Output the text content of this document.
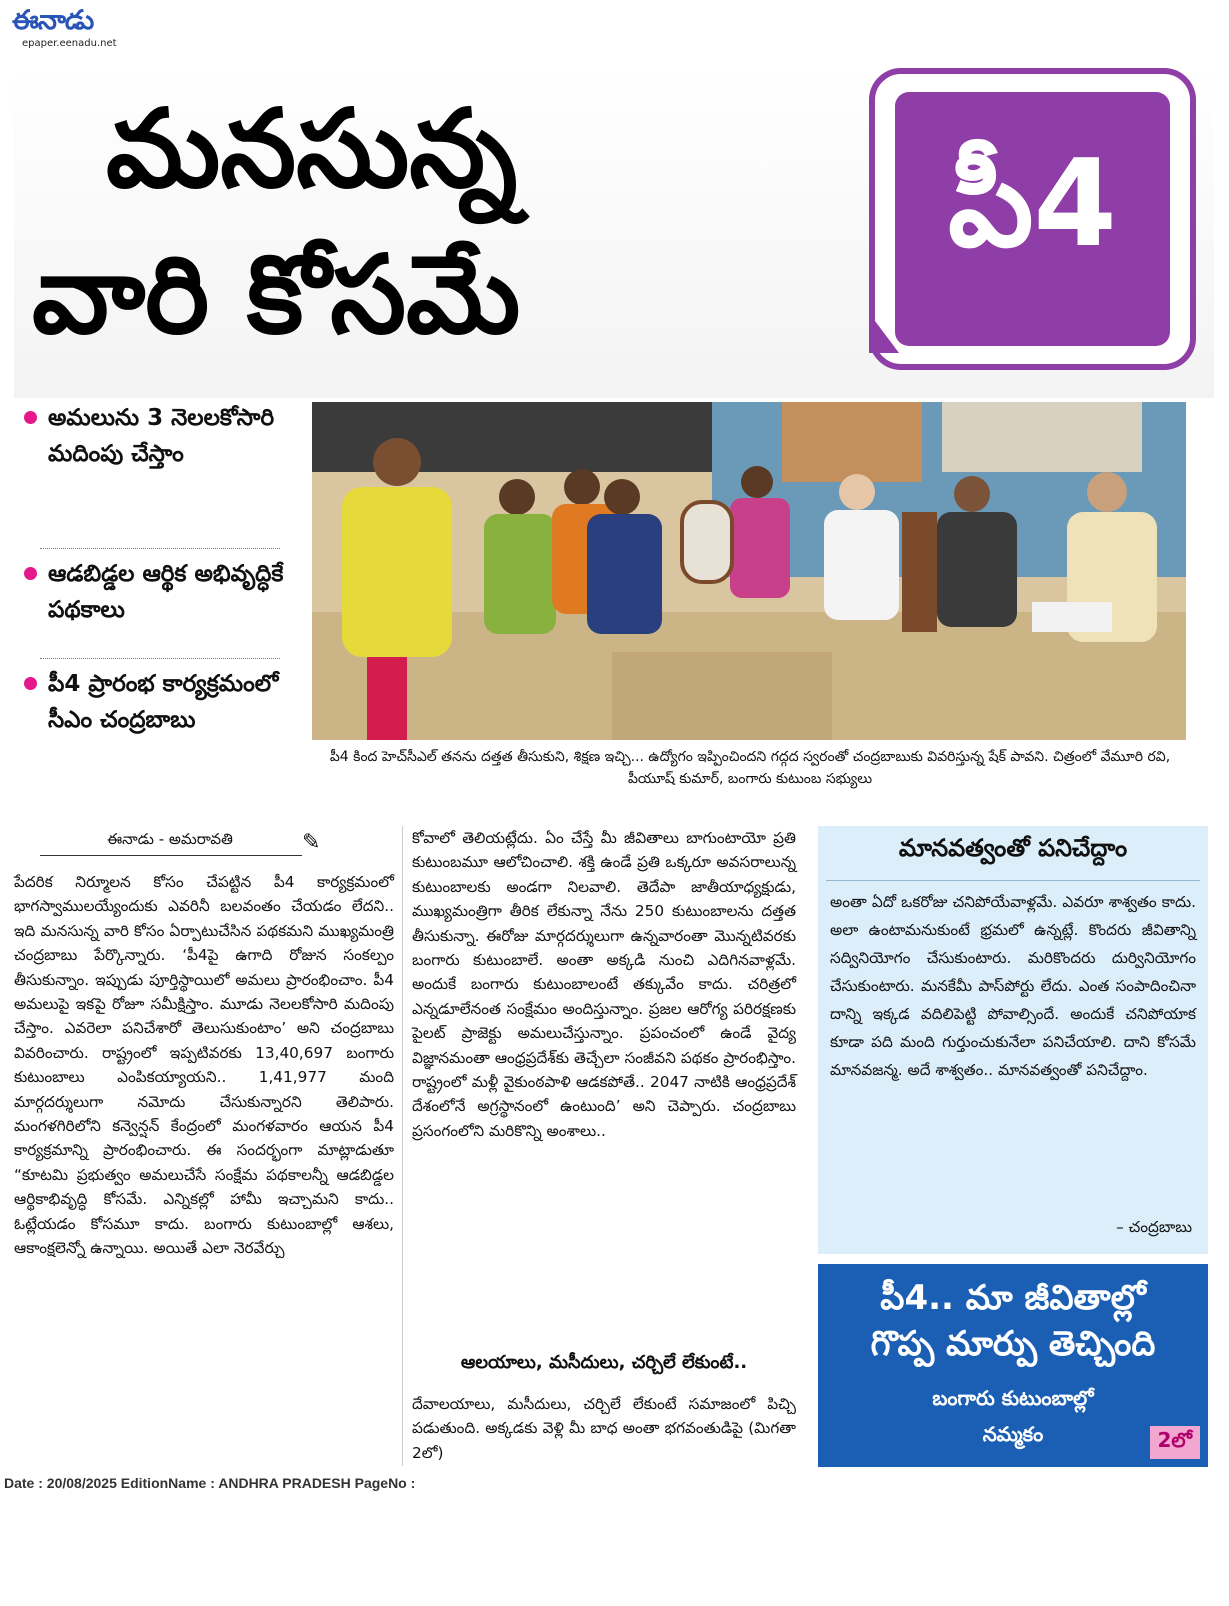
ఈనాడు
epaper.eenadu.net
మనసున్న
వారి కోసమే
పీ4
అమలును 3 నెలలకోసారి మదింపు చేస్తాం
ఆడబిడ్డల ఆర్థిక అభివృద్ధికే పథకాలు
పీ4 ప్రారంభ కార్యక్రమంలో సీఎం చంద్రబాబు
పీ4 కింద హెచ్‌సీఎల్ తనను దత్తత తీసుకుని, శిక్షణ ఇచ్చి... ఉద్యోగం ఇప్పించిందని గద్గద స్వరంతో చంద్రబాబుకు వివరిస్తున్న షేక్ పావని. చిత్రంలో వేమూరి రవి, పీయూష్ కుమార్, బంగారు కుటుంబ సభ్యులు
ఈనాడు - అమరావతి	✎
పేదరిక నిర్మూలన కోసం చేపట్టిన పీ4 కార్యక్రమంలో భాగస్వాములయ్యేందుకు ఎవరినీ బలవంతం చేయడం లేదని.. ఇది మనసున్న వారి కోసం ఏర్పాటుచేసిన పథకమని ముఖ్యమంత్రి చంద్రబాబు పేర్కొన్నారు. ‘పీ4పై ఉగాది రోజున సంకల్పం తీసుకున్నాం. ఇప్పుడు పూర్తిస్థాయిలో అమలు ప్రారంభించాం. పీ4 అమలుపై ఇకపై రోజూ సమీక్షిస్తాం. మూడు నెలలకోసారి మదింపు చేస్తాం. ఎవరెలా పనిచేశారో తెలుసుకుంటాం’ అని చంద్రబాబు వివరించారు. రాష్ట్రంలో ఇప్పటివరకు 13,40,697 బంగారు కుటుంబాలు ఎంపికయ్యాయని.. 1,41,977 మంది మార్గదర్శులుగా నమోదు చేసుకున్నారని తెలిపారు. మంగళగిరిలోని కన్వెన్షన్ కేంద్రంలో మంగళవారం ఆయన పీ4 కార్యక్రమాన్ని ప్రారంభించారు. ఈ సందర్భంగా మాట్లాడుతూ “కూటమి ప్రభుత్వం అమలుచేసే సంక్షేమ పథకాలన్నీ ఆడబిడ్డల ఆర్థికాభివృద్ధి కోసమే. ఎన్నికల్లో హామీ ఇచ్చామని కాదు.. ఓట్లేయడం కోసమూ కాదు. బంగారు కుటుంబాల్లో ఆశలు, ఆకాంక్షలెన్నో ఉన్నాయి. అయితే ఎలా నెరవేర్చు
కోవాలో తెలియట్లేదు. ఏం చేస్తే మీ జీవితాలు బాగుంటాయో ప్రతి కుటుంబమూ ఆలోచించాలి. శక్తి ఉండే ప్రతి ఒక్కరూ అవసరాలున్న కుటుంబాలకు అండగా నిలవాలి. తెదేపా జాతీయాధ్యక్షుడు, ముఖ్యమంత్రిగా తీరిక లేకున్నా నేను 250 కుటుంబాలను దత్తత తీసుకున్నా. ఈరోజు మార్గదర్శులుగా ఉన్నవారంతా మొన్నటివరకు బంగారు కుటుంబాలే. అంతా అక్కడి నుంచి ఎదిగినవాళ్లమే. అందుకే బంగారు కుటుంబాలంటే తక్కువేం కాదు. చరిత్రలో ఎన్నడూలేనంత సంక్షేమం అందిస్తున్నాం. ప్రజల ఆరోగ్య పరిరక్షణకు పైలట్ ప్రాజెక్టు అమలుచేస్తున్నాం. ప్రపంచంలో ఉండే వైద్య విజ్ఞానమంతా ఆంధ్రప్రదేశ్‌కు తెచ్చేలా సంజీవని పథకం ప్రారంభిస్తాం. రాష్ట్రంలో మళ్లీ వైకుంఠపాళి ఆడకపోతే.. 2047 నాటికి ఆంధ్రప్రదేశ్ దేశంలోనే అగ్రస్థానంలో ఉంటుంది’ అని చెప్పారు. చంద్రబాబు ప్రసంగంలోని మరికొన్ని అంశాలు..
ఆలయాలు, మసీదులు, చర్చిలే లేకుంటే..
దేవాలయాలు, మసీదులు, చర్చిలే లేకుంటే సమాజంలో పిచ్చి పడుతుంది. అక్కడకు వెళ్లి మీ బాధ అంతా భగవంతుడిపై (మిగతా 2లో)
మానవత్వంతో పనిచేద్దాం
అంతా ఏదో ఒకరోజు చనిపోయేవాళ్లమే. ఎవరూ శాశ్వతం కాదు. అలా ఉంటామనుకుంటే భ్రమలో ఉన్నట్లే. కొందరు జీవితాన్ని సద్వినియోగం చేసుకుంటారు. మరికొందరు దుర్వినియోగం చేసుకుంటారు. మనకేమీ పాస్‌పోర్టు లేదు. ఎంత సంపాదించినా దాన్ని ఇక్కడ వదిలిపెట్టి పోవాల్సిందే. అందుకే చనిపోయాక కూడా పది మంది గుర్తుంచుకునేలా పనిచేయాలి. దాని కోసమే మానవజన్మ. అదే శాశ్వతం.. మానవత్వంతో పనిచేద్దాం.
– చంద్రబాబు
పీ4.. మా జీవితాల్లో
గొప్ప మార్పు తెచ్చింది
బంగారు కుటుంబాల్లో
నమ్మకం	2లో
Date : 20/08/2025 EditionName : ANDHRA PRADESH PageNo :
